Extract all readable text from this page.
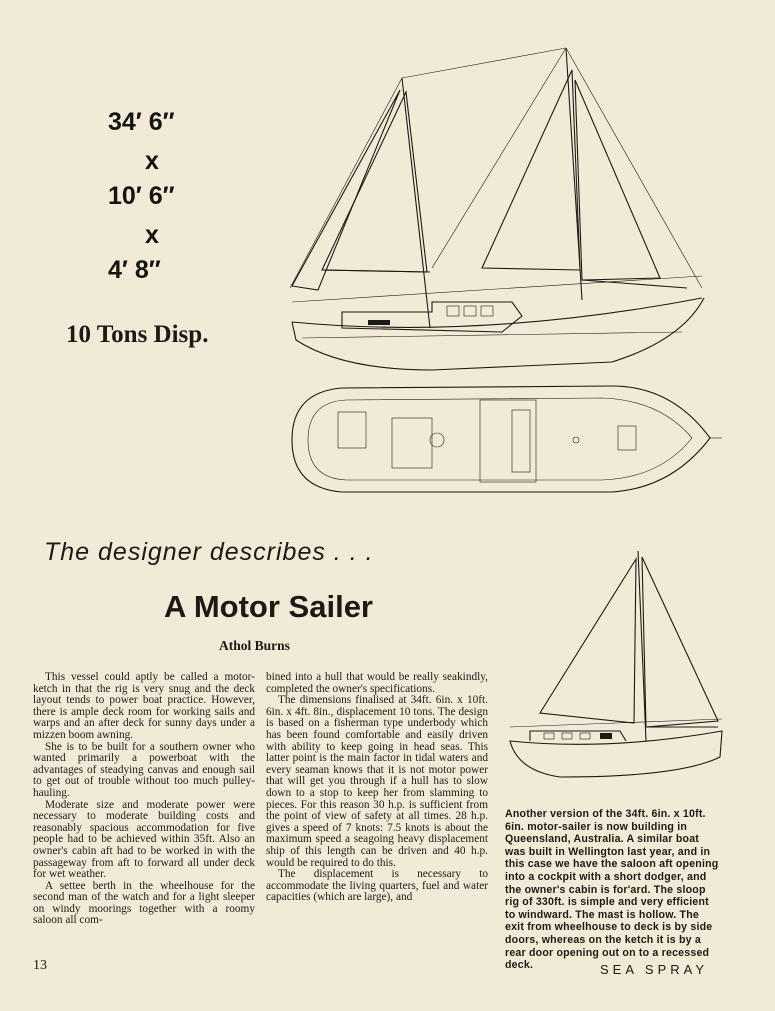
34′ 6″
x
10′ 6″
x
4′ 8″
10 Tons Disp.
The designer describes . . .
A Motor Sailer
Athol Burns

This vessel could aptly be called a motor-ketch in that the rig is very snug and the deck layout tends to power boat practice. However, there is ample deck room for working sails and warps and an after deck for sunny days under a mizzen boom awning.

She is to be built for a southern owner who wanted primarily a powerboat with the advantages of steadying canvas and enough sail to get out of trouble without too much pulley-hauling.

Moderate size and moderate power were necessary to moderate building costs and reasonably spacious accommodation for five people had to be achieved within 35ft. Also an owner's cabin aft had to be worked in with the passageway from aft to forward all under deck for wet weather.

A settee berth in the wheelhouse for the second man of the watch and for a light sleeper on windy moorings together with a roomy saloon all com-

bined into a hull that would be really seakindly, completed the owner's specifications.

The dimensions finalised at 34ft. 6in. x 10ft. 6in. x 4ft. 8in., displacement 10 tons. The design is based on a fisherman type underbody which has been found comfortable and easily driven with ability to keep going in head seas. This latter point is the main factor in tidal waters and every seaman knows that it is not motor power that will get you through if a hull has to slow down to a stop to keep her from slamming to pieces. For this reason 30 h.p. is sufficient from the point of view of safety at all times. 28 h.p. gives a speed of 7 knots: 7.5 knots is about the maximum speed a seagoing heavy displacement ship of this length can be driven and 40 h.p. would be required to do this.

The displacement is necessary to accommodate the living quarters, fuel and water capacities (which are large), and

Another version of the 34ft. 6in. x 10ft. 6in. motor-sailer is now building in Queensland, Australia. A similar boat was built in Wellington last year, and in this case we have the saloon aft opening into a cockpit with a short dodger, and the owner's cabin is for'ard. The sloop rig of 330ft. is simple and very efficient to windward. The mast is hollow. The exit from wheelhouse to deck is by side doors, whereas on the ketch it is by a rear door opening out on to a recessed deck.
13	SEA SPRAY
